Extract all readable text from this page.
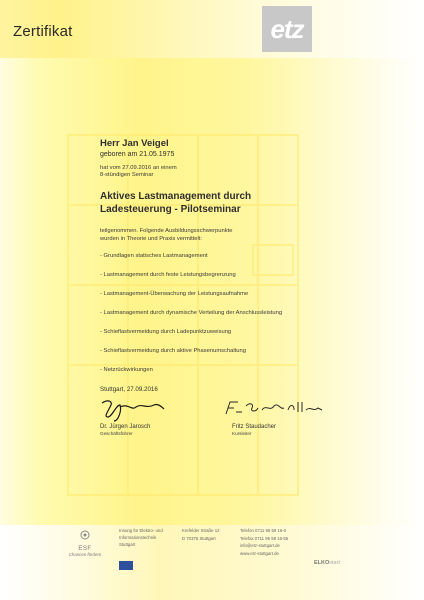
Zertifikat	etz
Herr Jan Veigel
geboren am 21.05.1975
hat vom 27.09.2016 an einem
8-stündigen Seminar
Aktives Lastmanagement durch
Ladesteuerung - Pilotseminar
teilgenommen. Folgende Ausbildungsschwerpunkte
wurden in Theorie und Praxis vermittelt:
- Grundlagen statisches Lastmanagement
- Lastmanagement durch feste Leistungsbegrenzung
- Lastmanagement-Überwachung der Leistungsaufnahme
- Lastmanagement durch dynamische Verteilung der Anschlussleistung
- Schieflastvermeidung durch Ladepunktzuweisung
- Schieflastvermeidung durch aktive Phasenumschaltung
- Netzrückwirkungen
Stuttgart, 27.09.2016
Dr. Jürgen Jarosch
Geschäftsführer
Fritz Staudacher
Kursleiter
ESF
Chancen fördern
Innung für Elektro- und
Informationstechnik
Stuttgart
Krefelder Straße 12
D 70376 Stuttgart
Telefon 0711 95 59 16-0
Telefax 0711 95 59 16-55
info@etz-stuttgart.de
www.etz-stuttgart.de
ELKOstart
